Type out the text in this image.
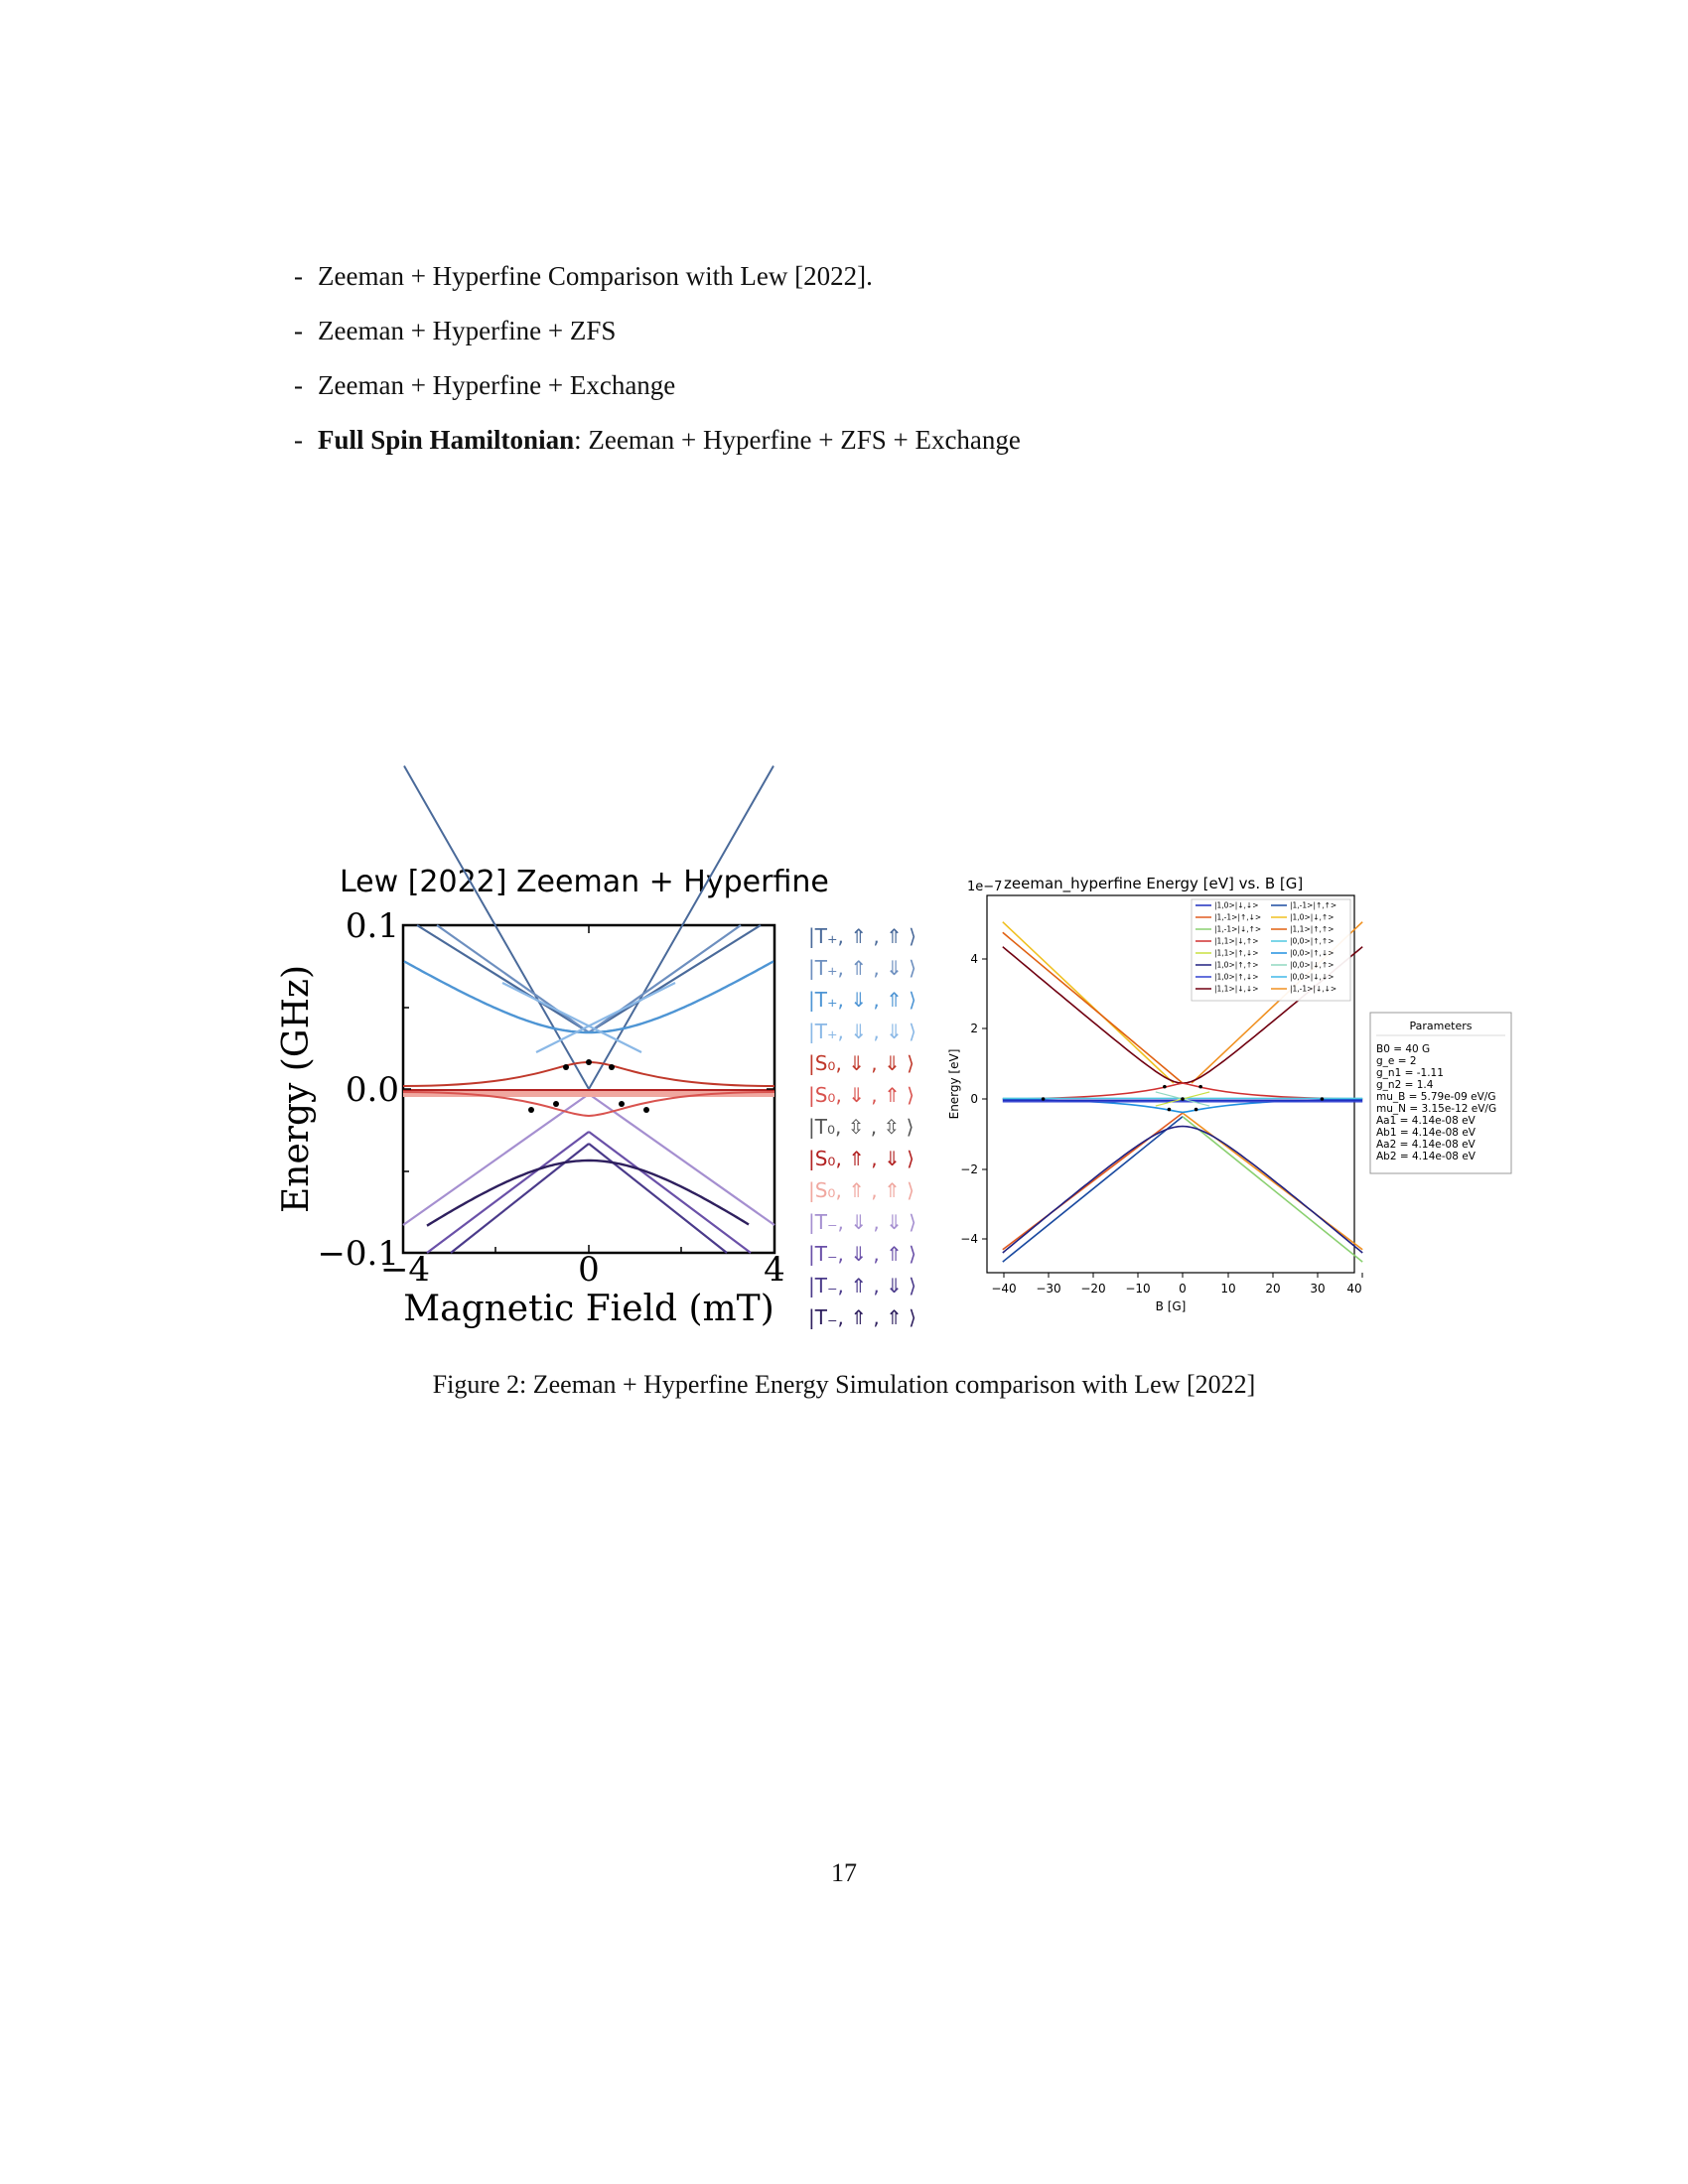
- Zeeman + Hyperfine Comparison with Lew [2022].
- Zeeman + Hyperfine + ZFS
- Zeeman + Hyperfine + Exchange
- Full Spin Hamiltonian: Zeeman + Hyperfine + ZFS + Exchange
Lew [2022] Zeeman + Hyperfine
−4	0	4
0.1
0.0
−0.1
Magnetic Field (mT)
Energy (GHz)
|T₊, ⇑ , ⇑ ⟩
|T₊, ⇑ , ⇓ ⟩
|T₊, ⇓ , ⇑ ⟩
|T₊, ⇓ , ⇓ ⟩
|S₀, ⇓ , ⇓ ⟩
|S₀, ⇓ , ⇑ ⟩
|T₀, ⇳ , ⇳ ⟩
|S₀, ⇑ , ⇓ ⟩
|S₀, ⇑ , ⇑ ⟩
|T₋, ⇓ , ⇓ ⟩
|T₋, ⇓ , ⇑ ⟩
|T₋, ⇑ , ⇓ ⟩
|T₋, ⇑ , ⇑ ⟩
zeeman_hyperfine Energy [eV] vs. B [G]
1e−7
−40 −30 −20 −10 0	10 20 30 40
4
2
0
−2
−4
B [G]
Energy [eV]
|1,0>|↓,↓>
|1,-1>|↑,↓>
|1,-1>|↓,↑>
|1,1>|↓,↑>
|1,1>|↑,↓>
|1,0>|↑,↑>
|1,0>|↑,↓>
|1,1>|↓,↓>
|1,-1>|↑,↑>
|1,0>|↓,↑>
|1,1>|↑,↑>
|0,0>|↑,↑>
|0,0>|↑,↓>
|0,0>|↓,↑>
|0,0>|↓,↓>
|1,-1>|↓,↓>
Parameters
B0 = 40 G
g_e = 2
g_n1 = -1.11
g_n2 = 1.4
mu_B = 5.79e-09 eV/G
mu_N = 3.15e-12 eV/G
Aa1 = 4.14e-08 eV
Ab1 = 4.14e-08 eV
Aa2 = 4.14e-08 eV
Ab2 = 4.14e-08 eV
Figure 2: Zeeman + Hyperfine Energy Simulation comparison with Lew [2022]
17
